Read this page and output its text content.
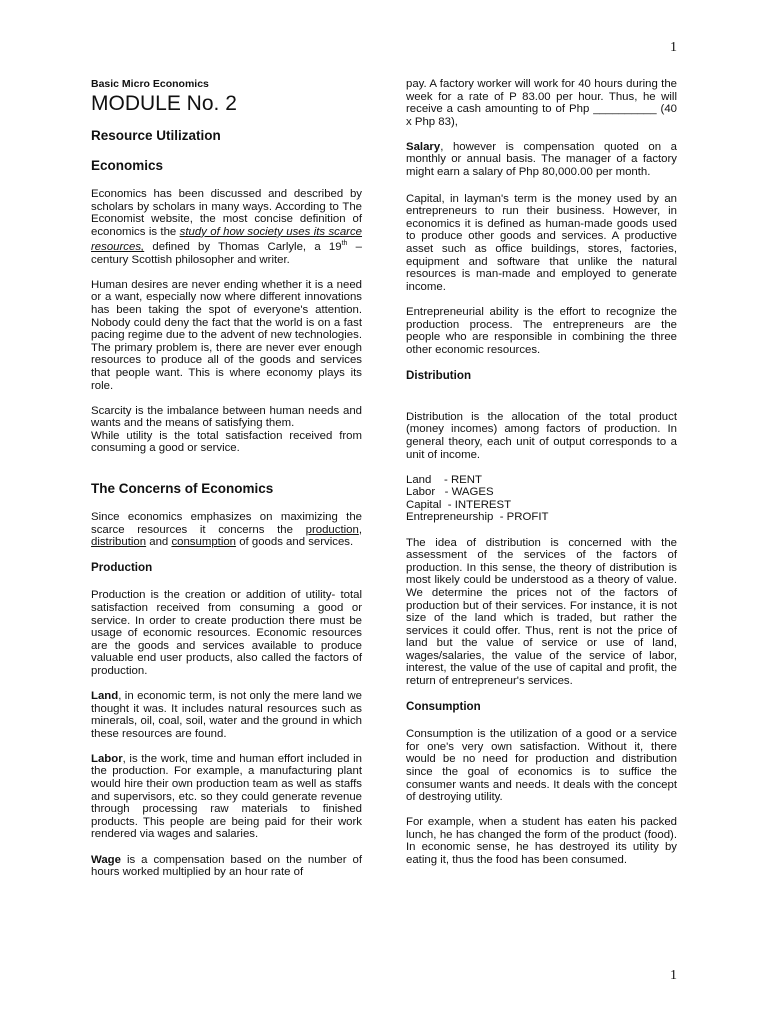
1

Basic Micro Economics

MODULE No. 2
Resource Utilization
Economics

Economics has been discussed and described by scholars by scholars in many ways. According to The Economist website, the most concise definition of economics is the study of how society uses its scarce resources, defined by Thomas Carlyle, a 19th – century Scottish philosopher and writer.

Human desires are never ending whether it is a need or a want, especially now where different innovations has been taking the spot of everyone's attention. Nobody could deny the fact that the world is on a fast pacing regime due to the advent of new technologies. The primary problem is, there are never ever enough resources to produce all of the goods and services that people want. This is where economy plays its role.

Scarcity is the imbalance between human needs and wants and the means of satisfying them.
While utility is the total satisfaction received from consuming a good or service.

The Concerns of Economics

Since economics emphasizes on maximizing the scarce resources it concerns the production, distribution and consumption of goods and services.

Production

Production is the creation or addition of utility- total satisfaction received from consuming a good or service. In order to create production there must be usage of economic resources. Economic resources are the goods and services available to produce valuable end user products, also called the factors of production.

Land, in economic term, is not only the mere land we thought it was. It includes natural resources such as minerals, oil, coal, soil, water and the ground in which these resources are found.

Labor, is the work, time and human effort included in the production. For example, a manufacturing plant would hire their own production team as well as staffs and supervisors, etc. so they could generate revenue through processing raw materials to finished products. This people are being paid for their work rendered via wages and salaries.

Wage is a compensation based on the number of hours worked multiplied by an hour rate of

pay. A factory worker will work for 40 hours during the week for a rate of P 83.00 per hour. Thus, he will receive a cash amounting to of Php __________ (40 x Php 83),

Salary, however is compensation quoted on a monthly or annual basis. The manager of a factory might earn a salary of Php 80,000.00 per month.

Capital, in layman's term is the money used by an entrepreneurs to run their business. However, in economics it is defined as human-made goods used to produce other goods and services. A productive asset such as office buildings, stores, factories, equipment and software that unlike the natural resources is man-made and employed to generate income.

Entrepreneurial ability is the effort to recognize the production process. The entrepreneurs are the people who are responsible in combining the three other economic resources.

Distribution

Distribution is the allocation of the total product (money incomes) among factors of production. In general theory, each unit of output corresponds to a unit of income.

Land    - RENT
Labor   - WAGES
Capital  - INTEREST
Entrepreneurship  - PROFIT

The idea of distribution is concerned with the assessment of the services of the factors of production. In this sense, the theory of distribution is most likely could be understood as a theory of value. We determine the prices not of the factors of production but of their services. For instance, it is not size of the land which is traded, but rather the services it could offer. Thus, rent is not the price of land but the value of service or use of land, wages/salaries, the value of the service of labor, interest, the value of the use of capital and profit, the return of entrepreneur's services.

Consumption

Consumption is the utilization of a good or a service for one's very own satisfaction. Without it, there would be no need for production and distribution since the goal of economics is to suffice the consumer wants and needs. It deals with the concept of destroying utility.

For example, when a student has eaten his packed lunch, he has changed the form of the product (food). In economic sense, he has destroyed its utility by eating it, thus the food has been consumed.

1
